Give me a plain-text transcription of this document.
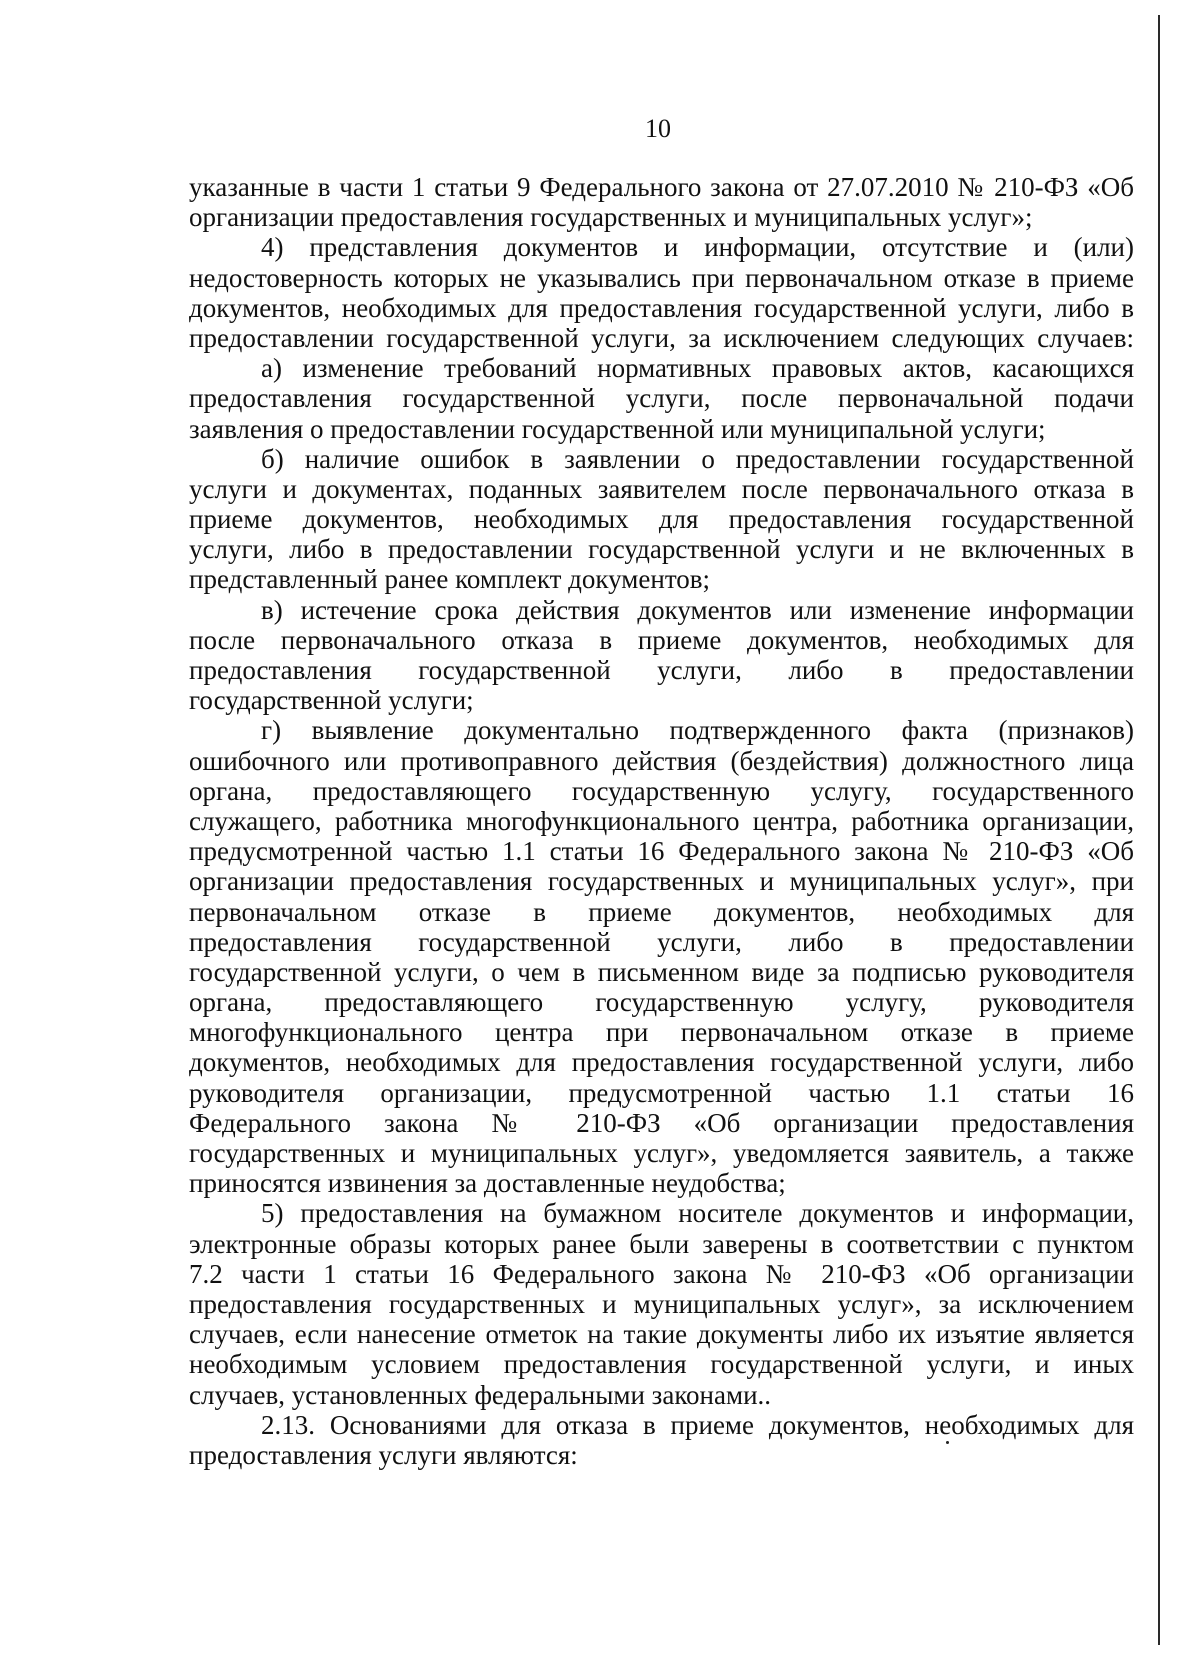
10
указанные в части 1 статьи 9 Федерального закона от 27.07.2010 № 210-ФЗ «Об
организации предоставления государственных и муниципальных услуг»;
4) представления документов и информации, отсутствие и (или)
недостоверность которых не указывались при первоначальном отказе в приеме
документов, необходимых для предоставления государственной услуги, либо в
предоставлении государственной услуги, за исключением следующих случаев:
а) изменение требований нормативных правовых актов, касающихся
предоставления государственной услуги, после первоначальной подачи
заявления о предоставлении государственной или муниципальной услуги;
б) наличие ошибок в заявлении о предоставлении государственной
услуги и документах, поданных заявителем после первоначального отказа в
приеме документов, необходимых для предоставления государственной
услуги, либо в предоставлении государственной услуги и не включенных в
представленный ранее комплект документов;
в) истечение срока действия документов или изменение информации
после первоначального отказа в приеме документов, необходимых для
предоставления государственной услуги, либо в предоставлении
государственной услуги;
г) выявление документально подтвержденного факта (признаков)
ошибочного или противоправного действия (бездействия) должностного лица
органа, предоставляющего государственную услугу, государственного
служащего, работника многофункционального центра, работника организации,
предусмотренной частью 1.1 статьи 16 Федерального закона № 210-ФЗ «Об
организации предоставления государственных и муниципальных услуг», при
первоначальном отказе в приеме документов, необходимых для
предоставления государственной услуги, либо в предоставлении
государственной услуги, о чем в письменном виде за подписью руководителя
органа, предоставляющего государственную услугу, руководителя
многофункционального центра при первоначальном отказе в приеме
документов, необходимых для предоставления государственной услуги, либо
руководителя организации, предусмотренной частью 1.1 статьи 16
Федерального закона № 210-ФЗ «Об организации предоставления
государственных и муниципальных услуг», уведомляется заявитель, а также
приносятся извинения за доставленные неудобства;
5) предоставления на бумажном носителе документов и информации,
электронные образы которых ранее были заверены в соответствии с пунктом
7.2 части 1 статьи 16 Федерального закона № 210-ФЗ «Об организации
предоставления государственных и муниципальных услуг», за исключением
случаев, если нанесение отметок на такие документы либо их изъятие является
необходимым условием предоставления государственной услуги, и иных
случаев, установленных федеральными законами..
2.13. Основаниями для отказа в приеме документов, необходимых для
предоставления услуги являются:
